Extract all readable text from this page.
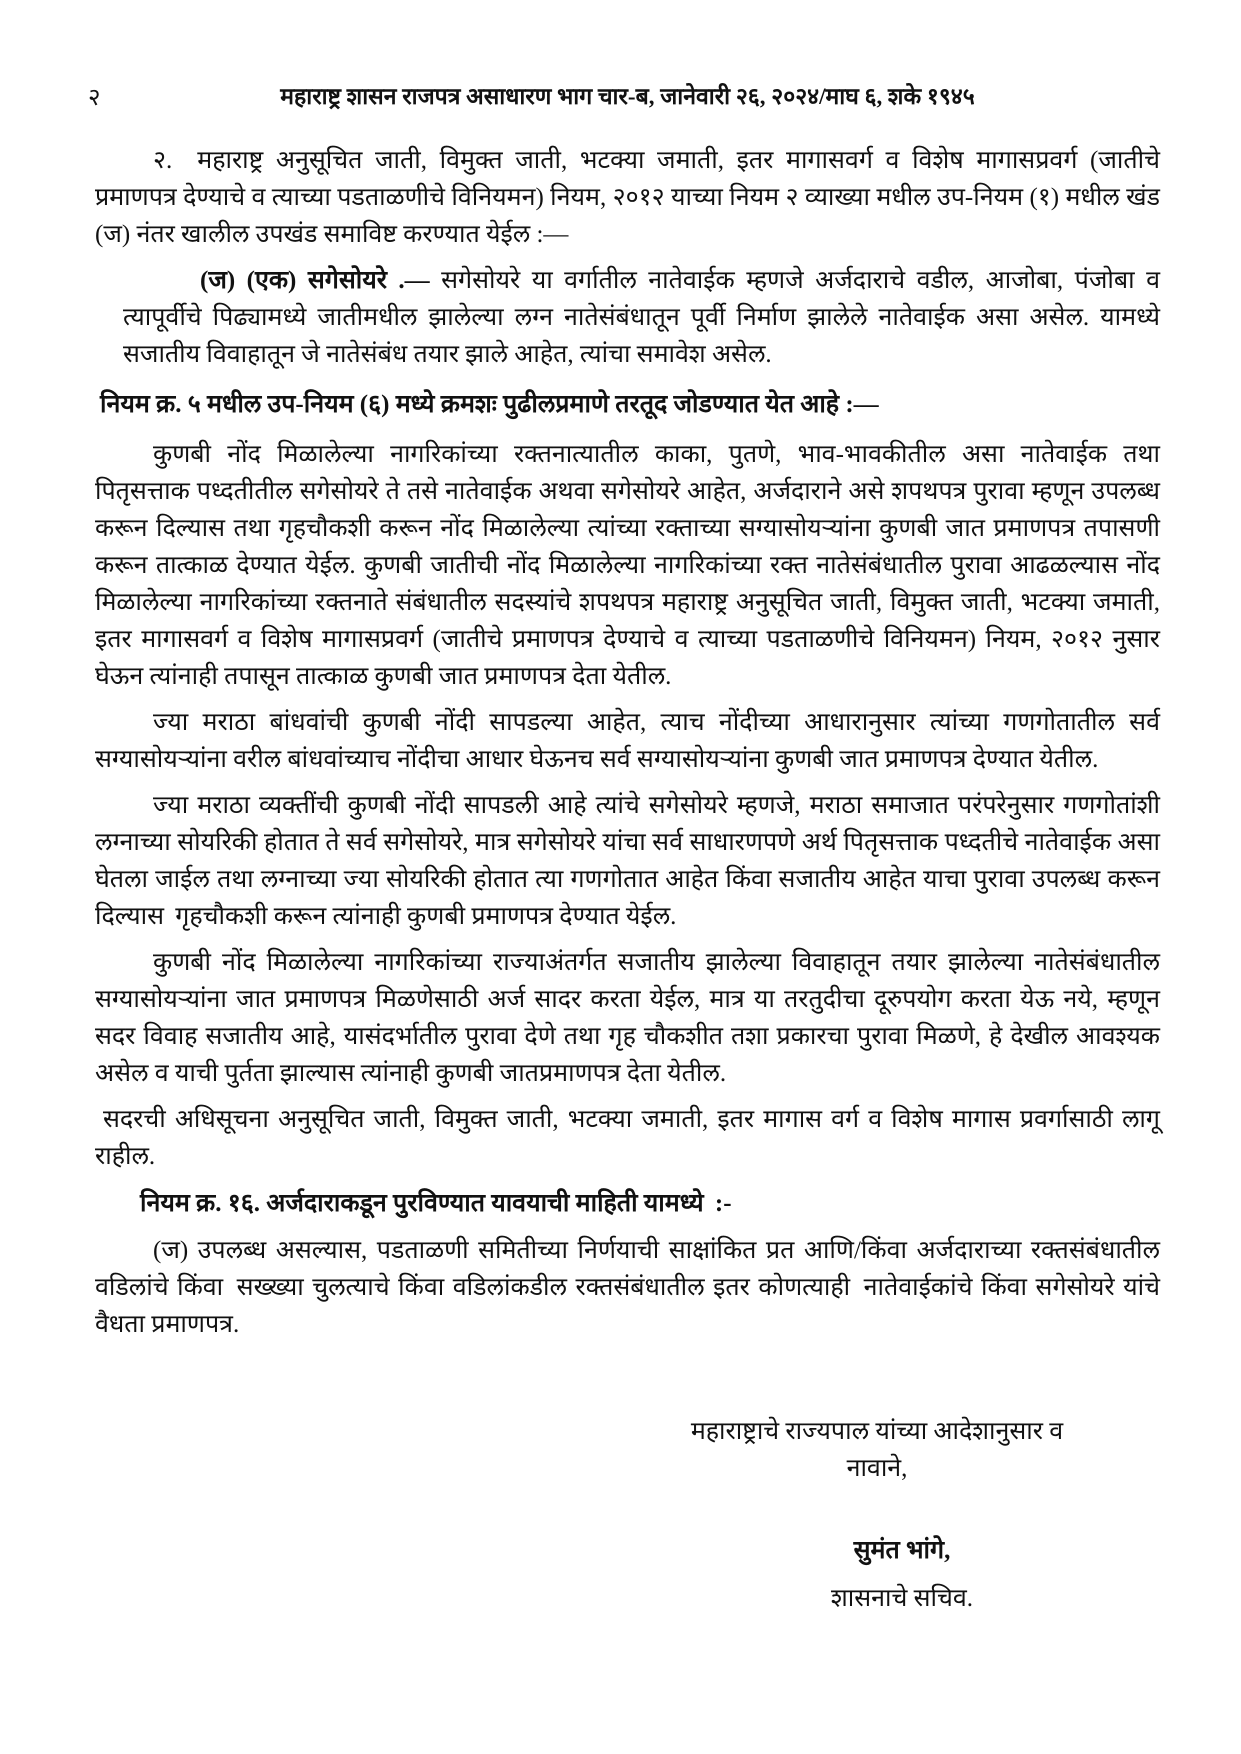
२	महाराष्ट्र शासन राजपत्र असाधारण भाग चार-ब, जानेवारी २६, २०२४/माघ ६, शके १९४५

२. महाराष्ट्र अनुसूचित जाती, विमुक्त जाती, भटक्या जमाती, इतर मागासवर्ग व विशेष मागासप्रवर्ग (जातीचे प्रमाणपत्र देण्याचे व त्याच्या पडताळणीचे विनियमन) नियम, २०१२ याच्या नियम २ व्याख्या मधील उप-नियम (१) मधील खंड (ज) नंतर खालील उपखंड समाविष्ट करण्यात येईल :—

(ज) (एक) सगेसोयरे .— सगेसोयरे या वर्गातील नातेवाईक म्हणजे अर्जदाराचे वडील, आजोबा, पंजोबा व त्यापूर्वीचे पिढ्यामध्ये जातीमधील झालेल्या लग्न नातेसंबंधातून पूर्वी निर्माण झालेले नातेवाईक असा असेल. यामध्ये सजातीय विवाहातून जे नातेसंबंध तयार झाले आहेत, त्यांचा समावेश असेल.

नियम क्र. ५ मधील उप-नियम (६) मध्ये क्रमशः पुढीलप्रमाणे तरतूद जोडण्यात येत आहे :—

कुणबी नोंद मिळालेल्या नागरिकांच्या रक्तनात्यातील काका, पुतणे, भाव-भावकीतील असा नातेवाईक तथा पितृसत्ताक पध्दतीतील सगेसोयरे ते तसे नातेवाईक अथवा सगेसोयरे आहेत, अर्जदाराने असे शपथपत्र पुरावा म्हणून उपलब्ध करून दिल्यास तथा गृहचौकशी करून नोंद मिळालेल्या त्यांच्या रक्ताच्या सग्यासोयऱ्यांना कुणबी जात प्रमाणपत्र तपासणी करून तात्काळ देण्यात येईल. कुणबी जातीची नोंद मिळालेल्या नागरिकांच्या रक्त नातेसंबंधातील पुरावा आढळल्यास नोंद मिळालेल्या नागरिकांच्या रक्तनाते संबंधातील सदस्यांचे शपथपत्र महाराष्ट्र अनुसूचित जाती, विमुक्त जाती, भटक्या जमाती, इतर मागासवर्ग व विशेष मागासप्रवर्ग (जातीचे प्रमाणपत्र देण्याचे व त्याच्या पडताळणीचे विनियमन) नियम, २०१२ नुसार घेऊन त्यांनाही तपासून तात्काळ कुणबी जात प्रमाणपत्र देता येतील.

ज्या मराठा बांधवांची कुणबी नोंदी सापडल्या आहेत, त्याच नोंदीच्या आधारानुसार त्यांच्या गणगोतातील सर्व सग्यासोयऱ्यांना वरील बांधवांच्याच नोंदीचा आधार घेऊनच सर्व सग्यासोयऱ्यांना कुणबी जात प्रमाणपत्र देण्यात येतील.

ज्या मराठा व्यक्तींची कुणबी नोंदी सापडली आहे त्यांचे सगेसोयरे म्हणजे, मराठा समाजात परंपरेनुसार गणगोतांशी लग्नाच्या सोयरिकी होतात ते सर्व सगेसोयरे, मात्र सगेसोयरे यांचा सर्व साधारणपणे अर्थ पितृसत्ताक पध्दतीचे नातेवाईक असा घेतला जाईल तथा लग्नाच्या ज्या सोयरिकी होतात त्या गणगोतात आहेत किंवा सजातीय आहेत याचा पुरावा उपलब्ध करून दिल्यास  गृहचौकशी करून त्यांनाही कुणबी प्रमाणपत्र देण्यात येईल.

कुणबी नोंद मिळालेल्या नागरिकांच्या राज्याअंतर्गत सजातीय झालेल्या विवाहातून तयार झालेल्या नातेसंबंधातील सग्यासोयऱ्यांना जात प्रमाणपत्र मिळणेसाठी अर्ज सादर करता येईल, मात्र या तरतुदीचा दूरुपयोग करता येऊ नये, म्हणून सदर विवाह सजातीय आहे, यासंदर्भातील पुरावा देणे तथा गृह चौकशीत तशा प्रकारचा पुरावा मिळणे, हे देखील आवश्यक असेल व याची पुर्तता झाल्यास त्यांनाही कुणबी जातप्रमाणपत्र देता येतील.

सदरची अधिसूचना अनुसूचित जाती, विमुक्त जाती, भटक्या जमाती, इतर मागास वर्ग व विशेष मागास प्रवर्गासाठी लागू राहील.

नियम क्र. १६. अर्जदाराकडून पुरविण्यात यावयाची माहिती यामध्ये  :-

(ज) उपलब्ध असल्यास, पडताळणी समितीच्या निर्णयाची साक्षांकित प्रत आणि/किंवा अर्जदाराच्या रक्तसंबंधातील वडिलांचे किंवा  सख्ख्या चुलत्याचे किंवा वडिलांकडील रक्तसंबंधातील इतर कोणत्याही  नातेवाईकांचे किंवा सगेसोयरे यांचे वैधता प्रमाणपत्र.

महाराष्ट्राचे राज्यपाल यांच्या आदेशानुसार व नावाने,
सुमंत भांगे,
शासनाचे सचिव.
